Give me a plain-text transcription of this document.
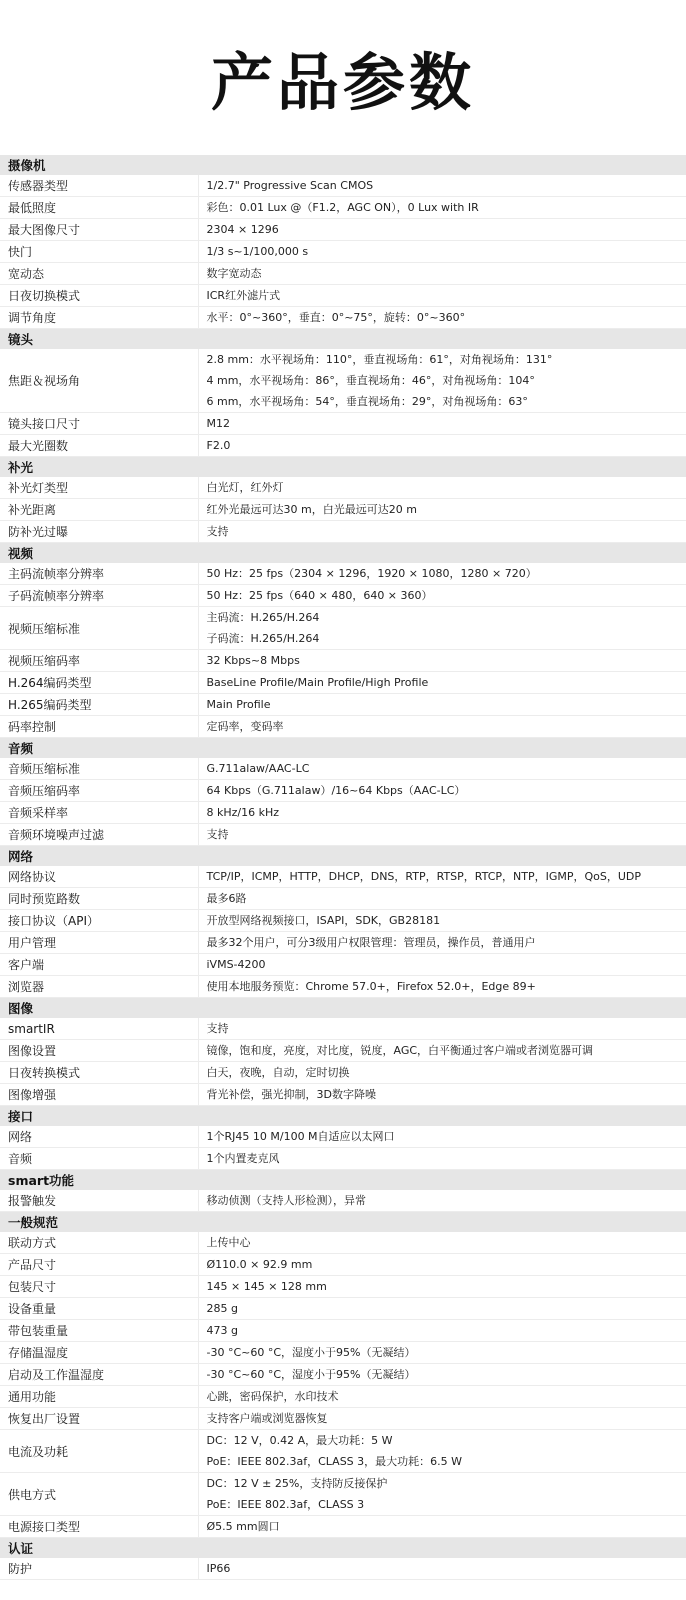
产品参数
摄像机	
传感器类型	1/2.7" Progressive Scan CMOS

最低照度	彩色：0.01 Lux @（F1.2，AGC ON），0 Lux with IR

最大图像尺寸	2304 × 1296

快门	1/3 s~1/100,000 s

宽动态	数字宽动态

日夜切换模式	ICR红外滤片式

调节角度	水平：0°~360°，垂直：0°~75°，旋转：0°~360°

镜头	
焦距＆视场角	2.8 mm：水平视场角：110°，垂直视场角：61°，对角视场角：131°
4 mm，水平视场角：86°，垂直视场角：46°，对角视场角：104°
6 mm，水平视场角：54°，垂直视场角：29°，对角视场角：63°

镜头接口尺寸	M12

最大光圈数	F2.0

补光	
补光灯类型	白光灯，红外灯

补光距离	红外光最远可达30 m，白光最远可达20 m

防补光过曝	支持

视频	
主码流帧率分辨率	50 Hz：25 fps（2304 × 1296，1920 × 1080，1280 × 720）

子码流帧率分辨率	50 Hz：25 fps（640 × 480，640 × 360）

视频压缩标准	主码流：H.265/H.264
子码流：H.265/H.264

视频压缩码率	32 Kbps~8 Mbps

H.264编码类型	BaseLine Profile/Main Profile/High Profile

H.265编码类型	Main Profile

码率控制	定码率，变码率

音频	
音频压缩标准	G.711alaw/AAC-LC

音频压缩码率	64 Kbps（G.711alaw）/16~64 Kbps（AAC-LC）

音频采样率	8 kHz/16 kHz

音频环境噪声过滤	支持

网络	
网络协议	TCP/IP，ICMP，HTTP，DHCP，DNS，RTP，RTSP，RTCP，NTP，IGMP，QoS，UDP

同时预览路数	最多6路

接口协议（API）	开放型网络视频接口，ISAPI，SDK，GB28181

用户管理	最多32个用户，可分3级用户权限管理：管理员，操作员，普通用户

客户端	iVMS-4200

浏览器	使用本地服务预览：Chrome 57.0+，Firefox 52.0+，Edge 89+

图像	
smartIR	支持

图像设置	镜像，饱和度，亮度，对比度，锐度，AGC，白平衡通过客户端或者浏览器可调

日夜转换模式	白天，夜晚，自动，定时切换

图像增强	背光补偿，强光抑制，3D数字降噪

接口	
网络	1个RJ45 10 M/100 M自适应以太网口

音频	1个内置麦克风

smart功能	
报警触发	移动侦测（支持人形检测），异常

一般规范	
联动方式	上传中心

产品尺寸	Ø110.0 × 92.9 mm

包装尺寸	145 × 145 × 128 mm

设备重量	285 g

带包装重量	473 g

存储温湿度	-30 °C~60 °C，湿度小于95%（无凝结）

启动及工作温湿度	-30 °C~60 °C，湿度小于95%（无凝结）

通用功能	心跳，密码保护，水印技术

恢复出厂设置	支持客户端或浏览器恢复

电流及功耗	DC：12 V，0.42 A，最大功耗：5 W
PoE：IEEE 802.3af，CLASS 3，最大功耗：6.5 W

供电方式	DC：12 V ± 25%，支持防反接保护
PoE：IEEE 802.3af，CLASS 3

电源接口类型	Ø5.5 mm圆口

认证	
防护	IP66
